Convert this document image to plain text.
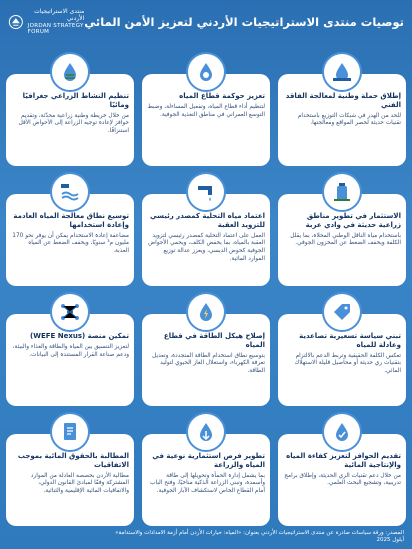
توصيات منتدى الاستراتيجيات الأردني لتعزيز الأمن المائي
منتدى الاستراتيجيات الأردني
JORDAN STRATEGY FORUM
إطلاق حملة وطنية لمعالجة الفاقد الفني
للحد من الهدر في شبكات التوزيع باستخدام تقنيات حديثة لحصر المواقع ومعالجتها.
تعزيز حوكمة قطاع المياه
لتنظيم أداء قطاع المياه، وتفعيل المساءلة، وضبط التوسع العمراني في مناطق التغذية الجوفية.
تنظيم النشاط الزراعي جغرافيًا ومائيًا
من خلال خريطة وطنية زراعية محدّثة، وتقديم حوافز لإعادة توجيه الزراعة إلى الأحواض الأقل استنزافًا.
الاستثمار في تطوير مناطق زراعية حديثة في وادي عربة
باستخدام مياه الناقل الوطني المحلاة، بما يقلل الكلفة ويخفف الضغط عن المخزون الجوفي.
اعتماد مياه التحلية كمصدر رئيسي للتزويد العقبة
العمل على اعتماد التحلية كمصدر رئيسي لتزويد العقبة بالمياه، بما يخفض الكلف، ويحمي الأحواض الجوفية كحوض الديسي، ويعزز عدالة توزيع الموارد المائية.
توسيع نطاق معالجة المياه العادمة وإعادة استخدامها
مضاعفة إعادة الاستخدام يمكن أن يوفر نحو 170 مليون م³ سنويًا، ويخفف الضغط عن المياه العذبة.
تبني سياسة تسعيرية تصاعدية وعادلة للمياه
تعكس الكلفة الحقيقية وتربط الدعم بالالتزام بتقنيات ري حديثة أو محاصيل قليلة الاستهلاك المائي.
إصلاح هيكل الطاقة في قطاع المياه
بتوسيع نطاق استخدام الطاقة المتجددة، وتعديل تعرفة الكهرباء، واستغلال الغاز الحيوي لتوليد الطاقة.
تمكين منصة (WEFE Nexus)
لتعزيز التنسيق بين المياه والطاقة والغذاء والبيئة، ودعم صناعة القرار المستندة إلى البيانات.
تقديم الحوافز لتعزيز كفاءة المياه والإنتاجية المائية
من خلال دعم تقنيات الري الحديثة، وإطلاق برامج تدريبية، وتشجيع البحث العلمي.
تطوير فرص استثمارية نوعية في المياه والزراعة
بما يشمل إدارة الحمأة وتحويلها إلى طاقة وأسمدة، وتبني الزراعة الذكية مناخيًا، وفتح الباب أمام القطاع الخاص لاستكشاف الآبار الجوفية.
المطالبة بالحقوق المائية بموجب الاتفاقيات
مطالبة الأردن بحصصه العادلة من الموارد المشتركة وفقًا لمبادئ القانون الدولي، والاتفاقيات المائية الإقليمية والثنائية.
المصدر: ورقة سياسات صادرة عن منتدى الاستراتيجيات الأردني بعنوان: «المياه: خيارات الأردن أمام أزمة الامدادات والاستدامة»
أيلول 2025
